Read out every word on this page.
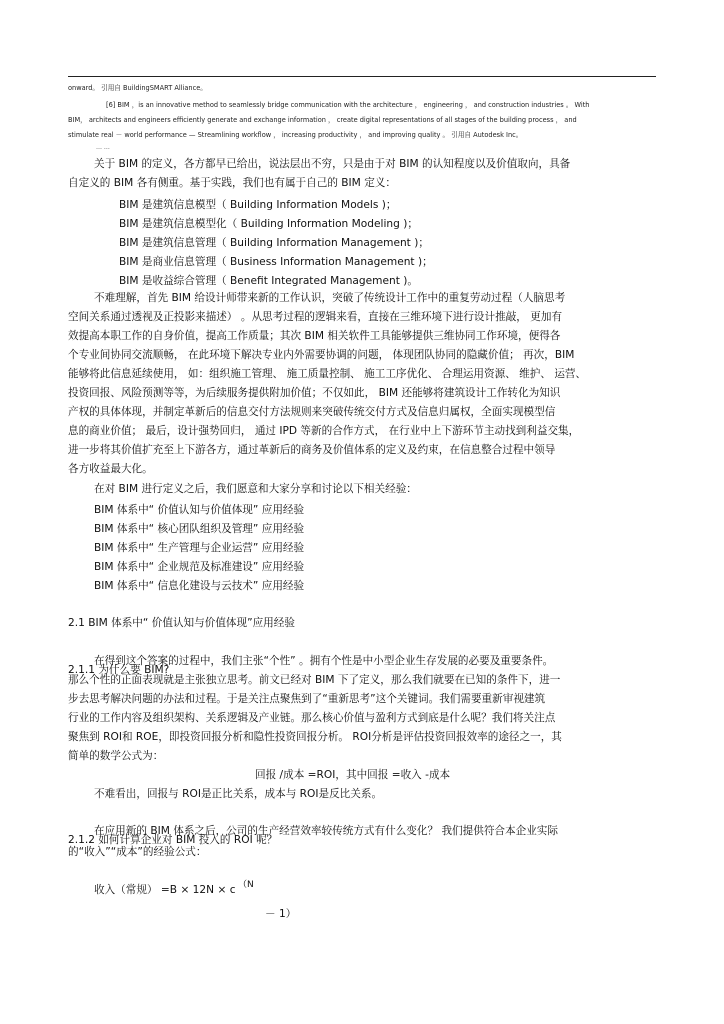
onward。 引用自 BuildingSMART Alliance。
[6] BIM ，is an innovative method to seamlessly bridge communication with the architecture ， engineering ， and construction industries 。 With
BIM， architects and engineers efficiently generate and exchange information ， create digital representations of all stages of the building process ， and
stimulate real － world performance — Streamlining workflow ， increasing productivity ， and improving quality 。 引用自 Autodesk Inc。
… …
关于 BIM 的定义，各方都早已给出，说法层出不穷，只是由于对 BIM 的认知程度以及价值取向，具备
自定义的 BIM 各有侧重。基于实践，我们也有属于自己的 BIM 定义：
BIM 是建筑信息模型（ Building Information Models )；
BIM 是建筑信息模型化（ Building Information Modeling )；
BIM 是建筑信息管理（ Building Information Management )；
BIM 是商业信息管理（ Business Information Management )；
BIM 是收益综合管理（ Benefit Integrated Management )。
不难理解，首先 BIM 给设计师带来新的工作认识，突破了传统设计工作中的重复劳动过程（人脑思考
空间关系通过透视及正投影来描述） 。从思考过程的逻辑来看，直接在三维环境下进行设计推敲， 更加有
效提高本职工作的自身价值，提高工作质量；其次 BIM 相关软件工具能够提供三维协同工作环境，便得各
个专业间协同交流顺畅， 在此环境下解决专业内外需要协调的问题， 体现团队协同的隐藏价值； 再次，BIM
能够将此信息延续使用， 如：组织施工管理、 施工质量控制、 施工工序优化、 合理运用资源、 维护、 运营、
投资回报、风险预测等等，为后续服务提供附加价值；不仅如此， BIM 还能够将建筑设计工作转化为知识
产权的具体体现，并制定革新后的信息交付方法规则来突破传统交付方式及信息归属权，全面实现模型信
息的商业价值； 最后，设计强势回归， 通过 IPD 等新的合作方式， 在行业中上下游环节主动找到利益交集，
进一步将其价值扩充至上下游各方，通过革新后的商务及价值体系的定义及约束，在信息整合过程中领导
各方收益最大化。
在对 BIM 进行定义之后，我们愿意和大家分享和讨论以下相关经验：
BIM 体系中“ 价值认知与价值体现” 应用经验
BIM 体系中“ 核心团队组织及管理” 应用经验
BIM 体系中“ 生产管理与企业运营” 应用经验
BIM 体系中“ 企业规范及标准建设” 应用经验
BIM 体系中“ 信息化建设与云技术” 应用经验
2.1 BIM 体系中“ 价值认知与价值体现”应用经验
在得到这个答案的过程中，我们主张“个性” 。拥有个性是中小型企业生存发展的必要及重要条件。
2.1.1 为什么要 BIM?
那么个性的正面表现就是主张独立思考。前文已经对 BIM 下了定义，那么我们就要在已知的条件下，进一
步去思考解决问题的办法和过程。于是关注点聚焦到了“重新思考”这个关键词。我们需要重新审视建筑
行业的工作内容及组织架构、关系逻辑及产业链。那么核心价值与盈利方式到底是什么呢？我们将关注点
聚焦到 ROI和 ROE，即投资回报分析和隐性投资回报分析。 ROI分析是评估投资回报效率的途径之一，其
简单的数学公式为：
回报 /成本 =ROI，其中回报 =收入 -成本
不难看出，回报与 ROI是正比关系，成本与 ROI是反比关系。
在应用新的 BIM 体系之后，公司的生产经营效率较传统方式有什么变化？ 我们提供符合本企业实际
2.1.2 如何计算企业对 BIM 投入的 ROI 呢？
的“收入”“成本”的经验公式：
收入（常规） =B × 12N × c （N
－ 1）
